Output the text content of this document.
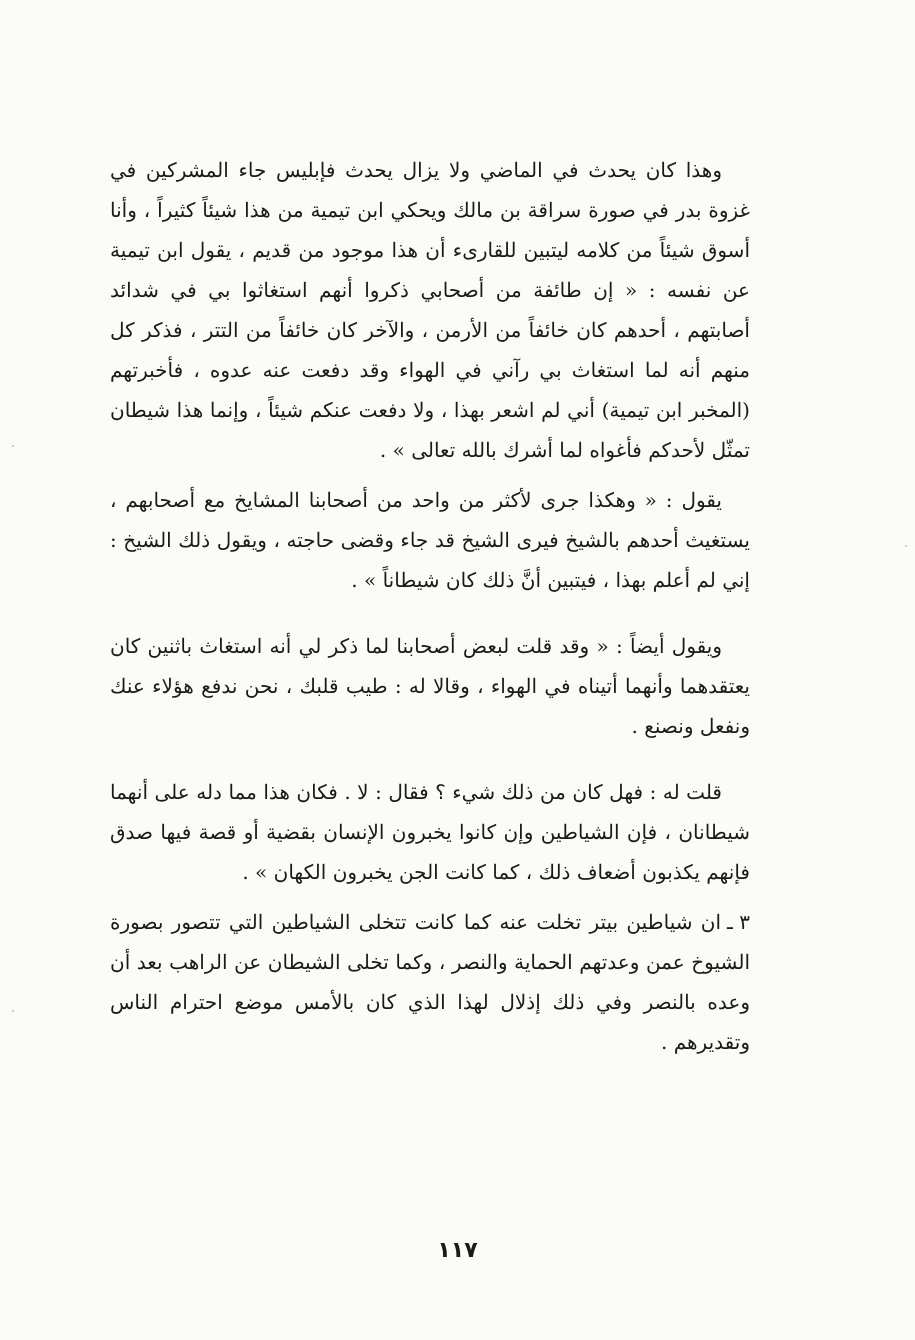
وهذا كان يحدث في الماضي ولا يزال يحدث فإبليس جاء المشركين في غزوة بدر في صورة سراقة بن مالك ويحكي ابن تيمية من هذا شيئاً كثيراً ، وأنا أسوق شيئاً من كلامه ليتبين للقارىء أن هذا موجود من قديم ، يقول ابن تيمية عن نفسه : « إن طائفة من أصحابي ذكروا أنهم استغاثوا بي في شدائد أصابتهم ، أحدهم كان خائفاً من الأرمن ، والآخر كان خائفاً من التتر ، فذكر كل منهم أنه لما استغاث بي رآني في الهواء وقد دفعت عنه عدوه ، فأخبرتهم (المخبر ابن تيمية) أني لم اشعر بهذا ، ولا دفعت عنكم شيئاً ، وإنما هذا شيطان تمثّل لأحدكم فأغواه لما أشرك بالله تعالى » .

يقول : « وهكذا جرى لأكثر من واحد من أصحابنا المشايخ مع أصحابهم ، يستغيث أحدهم بالشيخ فيرى الشيخ قد جاء وقضى حاجته ، ويقول ذلك الشيخ : إني لم أعلم بهذا ، فيتبين أنَّ ذلك كان شيطاناً » .

ويقول أيضاً : « وقد قلت لبعض أصحابنا لما ذكر لي أنه استغاث باثنين كان يعتقدهما وأنهما أتيناه في الهواء ، وقالا له : طيب قلبك ، نحن ندفع هؤلاء عنك ونفعل ونصنع .

قلت له : فهل كان من ذلك شيء ؟ فقال : لا . فكان هذا مما دله على أنهما شيطانان ، فإن الشياطين وإن كانوا يخبرون الإنسان بقضية أو قصة فيها صدق فإنهم يكذبون أضعاف ذلك ، كما كانت الجن يخبرون الكهان » .

٣ ـان شياطين بيتر تخلت عنه كما كانت تتخلى الشياطين التي تتصور بصورة الشيوخ عمن وعدتهم الحماية والنصر ، وكما تخلى الشيطان عن الراهب بعد أن وعده بالنصر وفي ذلك إذلال لهذا الذي كان بالأمس موضع احترام الناس وتقديرهم .

١١٧
